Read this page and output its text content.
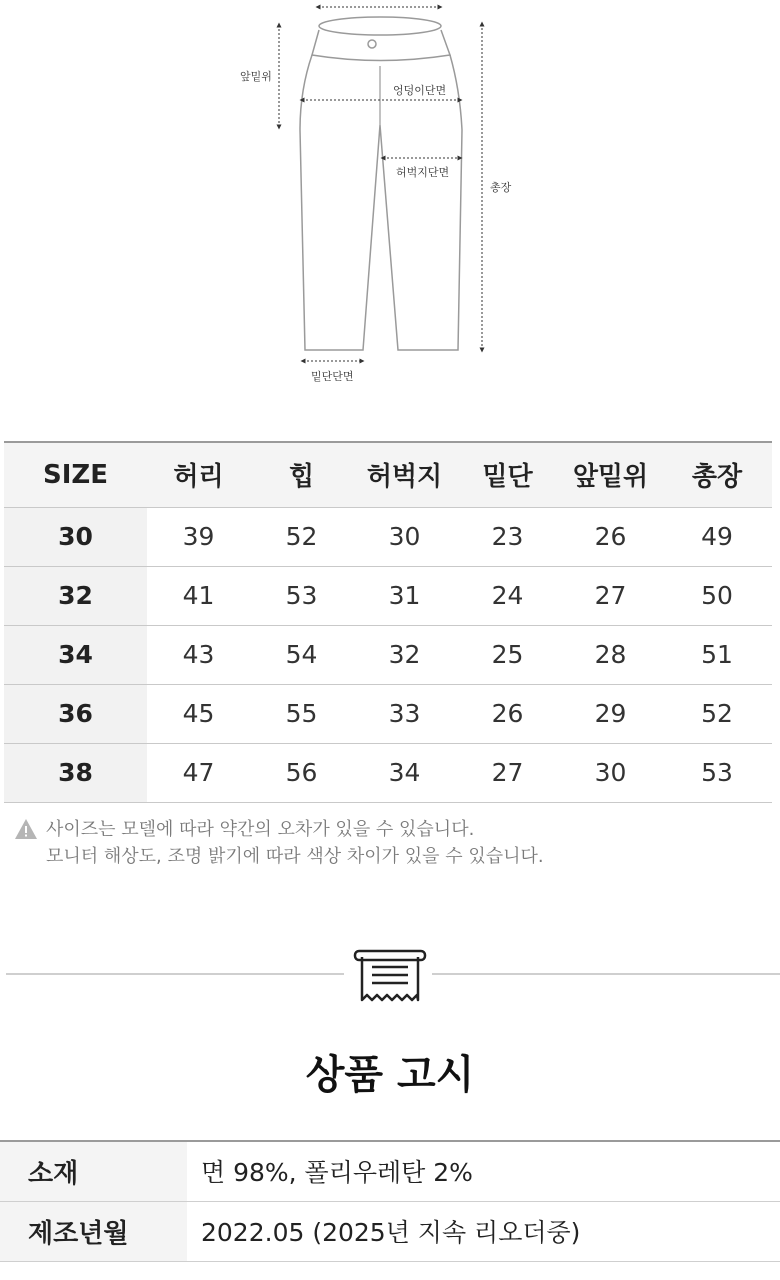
앞밑위
엉덩이단면
허벅지단면
총장
밑단단면
SIZE	허리	힙	허벅지	밑단	앞밑위	총장
30	39	52	30	23	26	49
32	41	53	31	24	27	50
34	43	54	32	25	28	51
36	45	55	33	26	29	52
38	47	56	34	27	30	53
사이즈는 모델에 따라 약간의 오차가 있을 수 있습니다.
모니터 해상도, 조명 밝기에 따라 색상 차이가 있을 수 있습니다.
상품 고시
소재	면 98%, 폴리우레탄 2%
제조년월	2022.05 (2025년 지속 리오더중)
